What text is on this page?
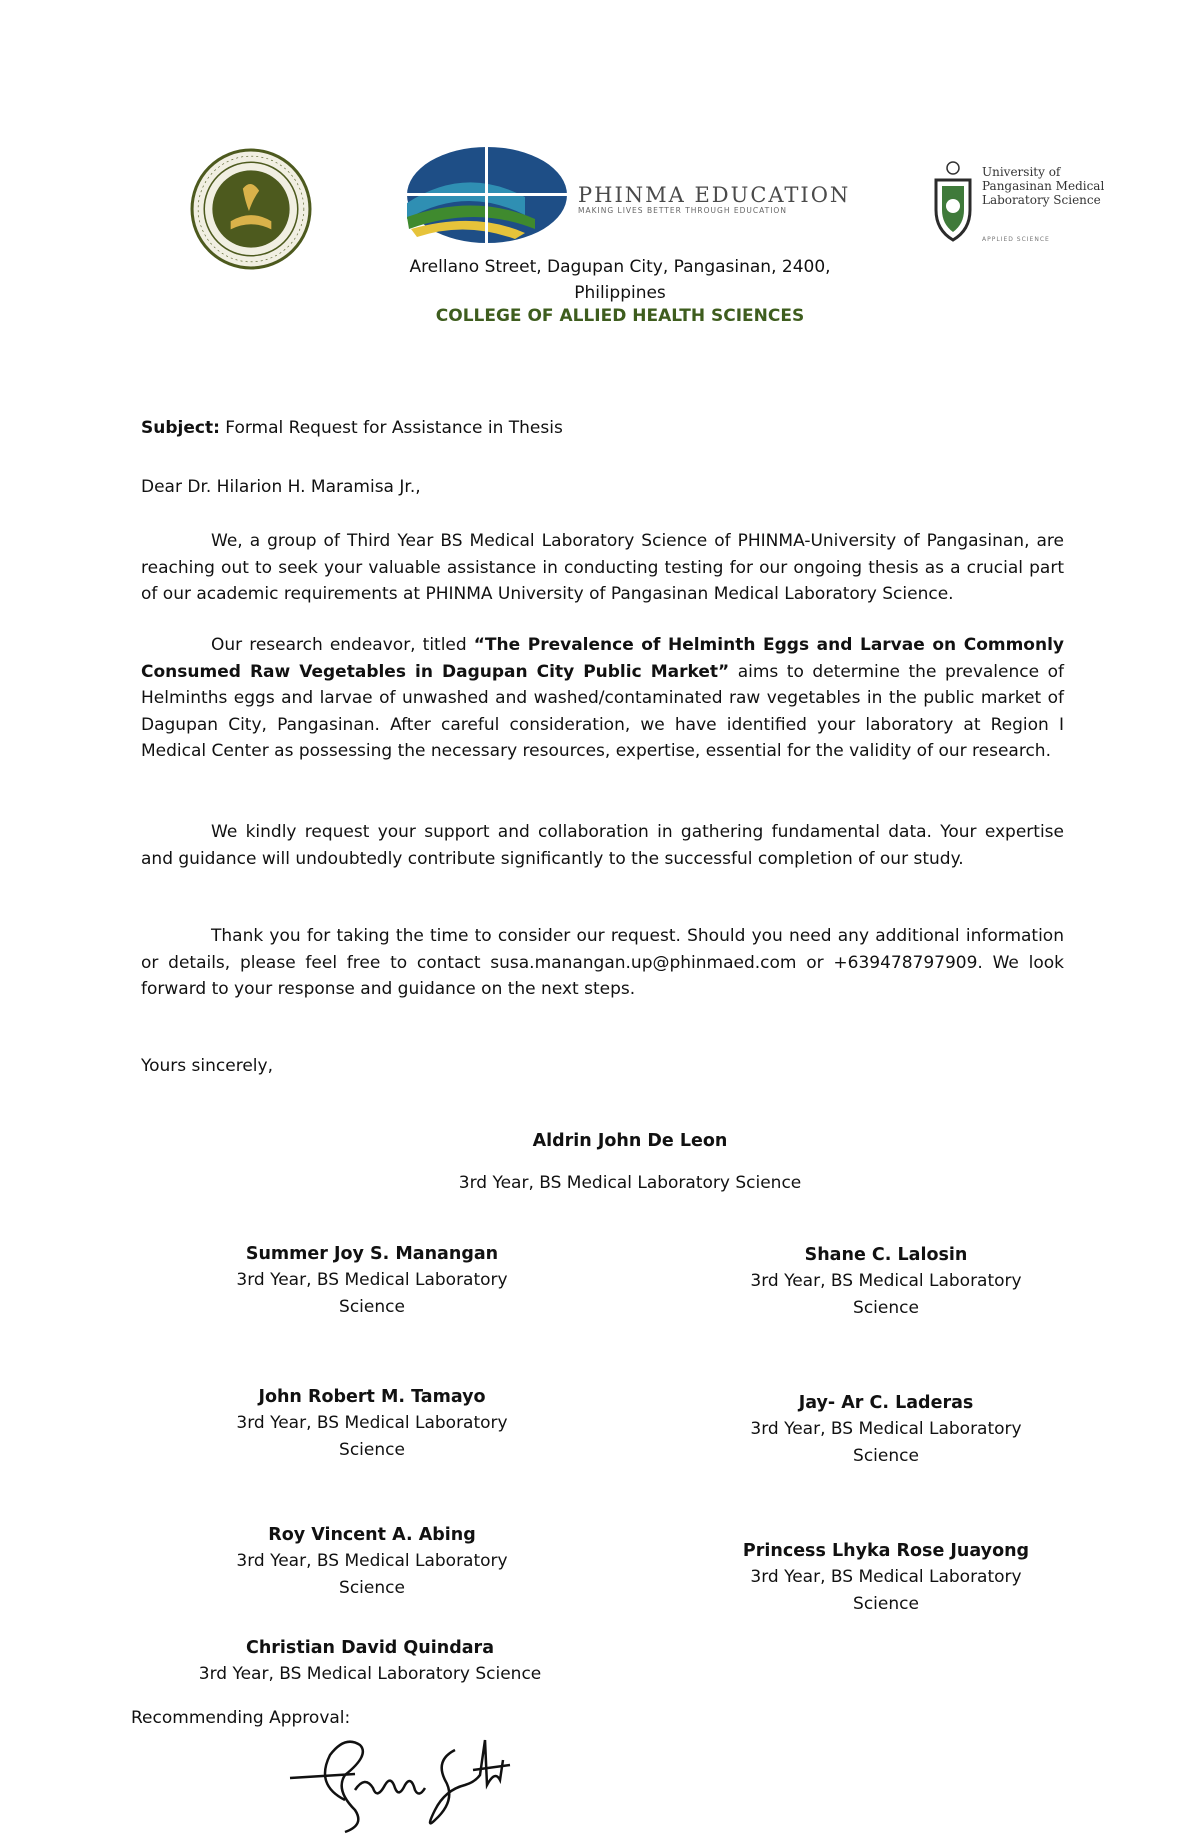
PHINMA EDUCATION
MAKING LIVES BETTER THROUGH EDUCATION
University of Pangasinan Medical Laboratory Science
APPLIED SCIENCE
Arellano Street, Dagupan City, Pangasinan, 2400, Philippines
COLLEGE OF ALLIED HEALTH SCIENCES
Subject: Formal Request for Assistance in Thesis
Dear Dr. Hilarion H. Maramisa Jr.,
We, a group of Third Year BS Medical Laboratory Science of PHINMA-University of Pangasinan, are reaching out to seek your valuable assistance in conducting testing for our ongoing thesis as a crucial part of our academic requirements at PHINMA University of Pangasinan Medical Laboratory Science.
Our research endeavor, titled “The Prevalence of Helminth Eggs and Larvae on Commonly Consumed Raw Vegetables in Dagupan City Public Market” aims to determine the prevalence of Helminths eggs and larvae of unwashed and washed/contaminated raw vegetables in the public market of Dagupan City, Pangasinan. After careful consideration, we have identified your laboratory at Region I Medical Center as possessing the necessary resources, expertise, essential for the validity of our research.
We kindly request your support and collaboration in gathering fundamental data. Your expertise and guidance will undoubtedly contribute significantly to the successful completion of our study.
Thank you for taking the time to consider our request. Should you need any additional information or details, please feel free to contact susa.manangan.up@phinmaed.com or +639478797909. We look forward to your response and guidance on the next steps.
Yours sincerely,
Aldrin John De Leon
3rd Year, BS Medical Laboratory Science
Summer Joy S. Manangan
3rd Year, BS Medical Laboratory Science
Shane C. Lalosin
3rd Year, BS Medical Laboratory Science
John Robert M. Tamayo
3rd Year, BS Medical Laboratory Science
Jay- Ar C. Laderas
3rd Year, BS Medical Laboratory Science
Roy Vincent A. Abing
3rd Year, BS Medical Laboratory Science
Princess Lhyka Rose Juayong
3rd Year, BS Medical Laboratory Science
Christian David Quindara
3rd Year, BS Medical Laboratory Science
Recommending Approval:
